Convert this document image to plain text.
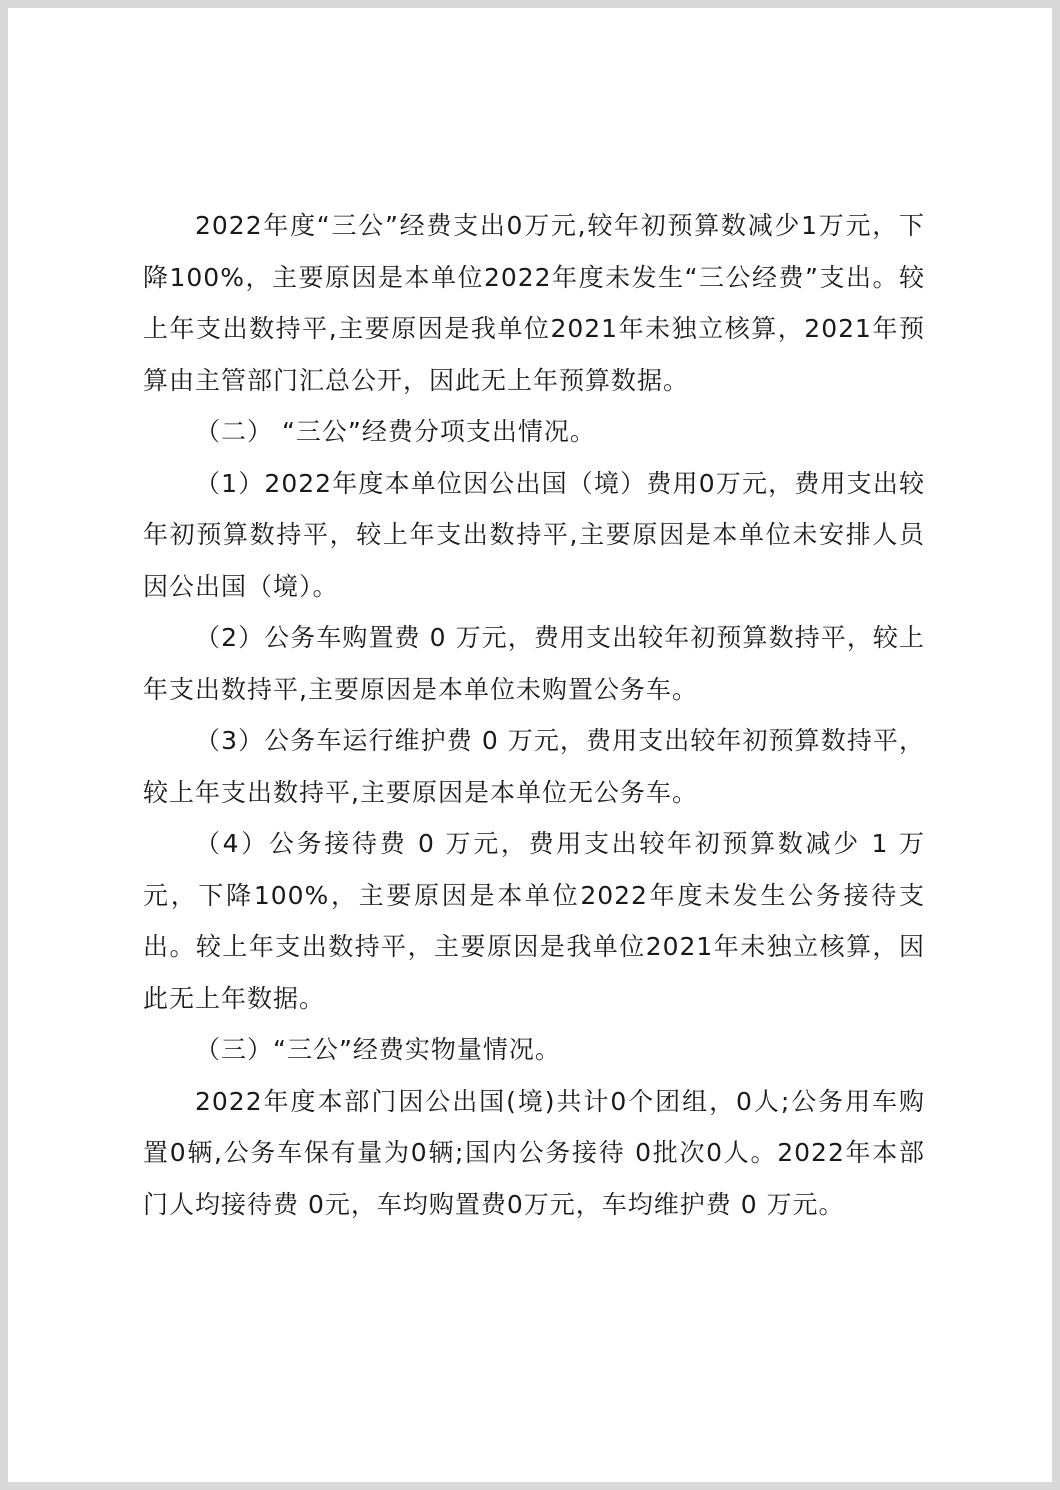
2022年度“三公”经费支出0万元,较年初预算数减少1万元，下降100%，主要原因是本单位2022年度未发生“三公经费”支出。较上年支出数持平,主要原因是我单位2021年未独立核算，2021年预算由主管部门汇总公开，因此无上年预算数据。

（二） “三公”经费分项支出情况。

（1）2022年度本单位因公出国（境）费用0万元，费用支出较年初预算数持平，较上年支出数持平,主要原因是本单位未安排人员因公出国（境）。

（2）公务车购置费 0 万元，费用支出较年初预算数持平，较上年支出数持平,主要原因是本单位未购置公务车。

（3）公务车运行维护费 0 万元，费用支出较年初预算数持平，较上年支出数持平,主要原因是本单位无公务车。

（4）公务接待费 0 万元，费用支出较年初预算数减少 1 万元，下降100%，主要原因是本单位2022年度未发生公务接待支出。较上年支出数持平，主要原因是我单位2021年未独立核算，因此无上年数据。

（三）“三公”经费实物量情况。

2022年度本部门因公出国(境)共计0个团组，0人;公务用车购置0辆,公务车保有量为0辆;国内公务接待 0批次0人。2022年本部门人均接待费 0元，车均购置费0万元，车均维护费 0 万元。
